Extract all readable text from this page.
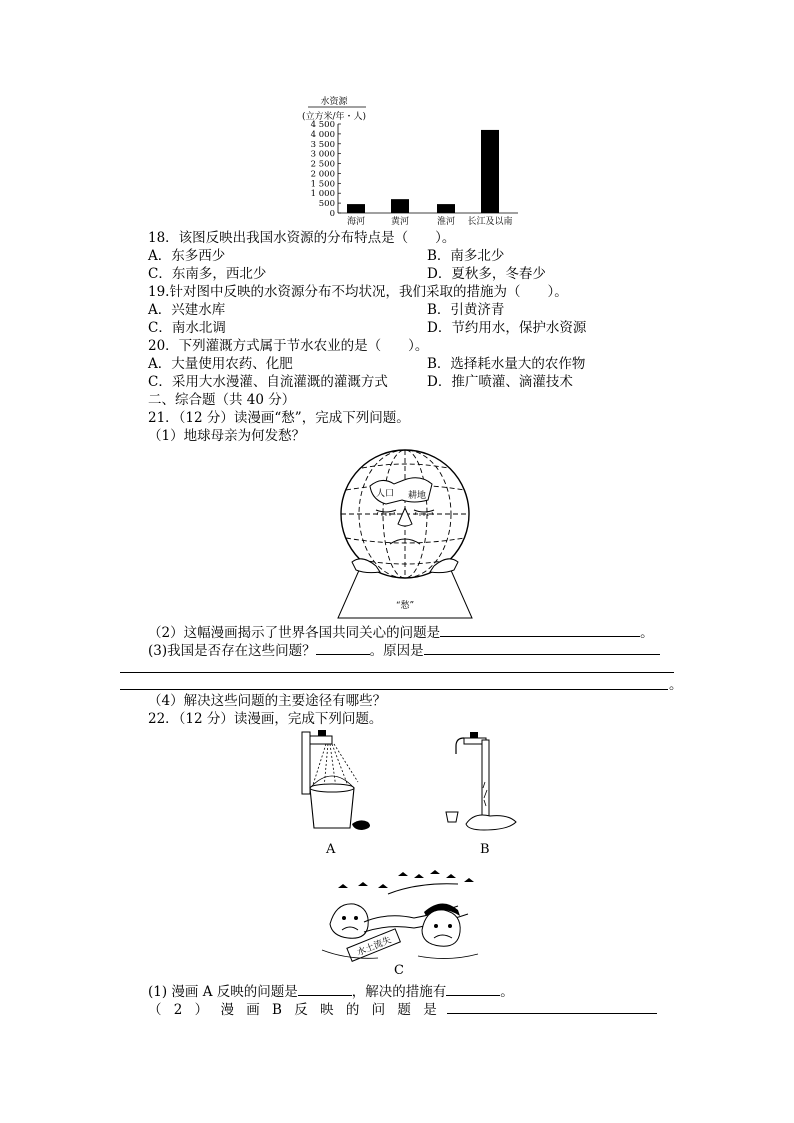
水资源
(立方米/年・人)
4 500
4 000
3 500
3 000
2 500
2 000
1 500
1 000
500
0
海河	黄河	淮河 长江及以南
18．该图反映出我国水资源的分布特点是（　　）。
A．东多西少	B．南多北少
C．东南多，西北少	D．夏秋多，冬春少
19.针对图中反映的水资源分布不均状况，我们采取的措施为（　　）。
A．兴建水库	B．引黄济青
C．南水北调	D．节约用水，保护水资源
20．下列灌溉方式属于节水农业的是（　　）。
A．大量使用农药、化肥	B．选择耗水量大的农作物
C．采用大水漫灌、自流灌溉的灌溉方式	D．推广喷灌、滴灌技术
二、综合题（共 40 分）
21．（12 分）读漫画“愁”，完成下列问题。
（1）地球母亲为何发愁？
人口 耕地
“愁”
（2）这幅漫画揭示了世界各国共同关心的问题是	。
(3)我国是否存在这些问题？	。原因是
。
（4）解决这些问题的主要途径有哪些？
22．（12 分）读漫画，完成下列问题。
A	B
水土流失
C
(1) 漫画 A 反映的问题是	，解决的措施有	。
（ 2 ） 漫 画 B 反 映 的 问 题 是
